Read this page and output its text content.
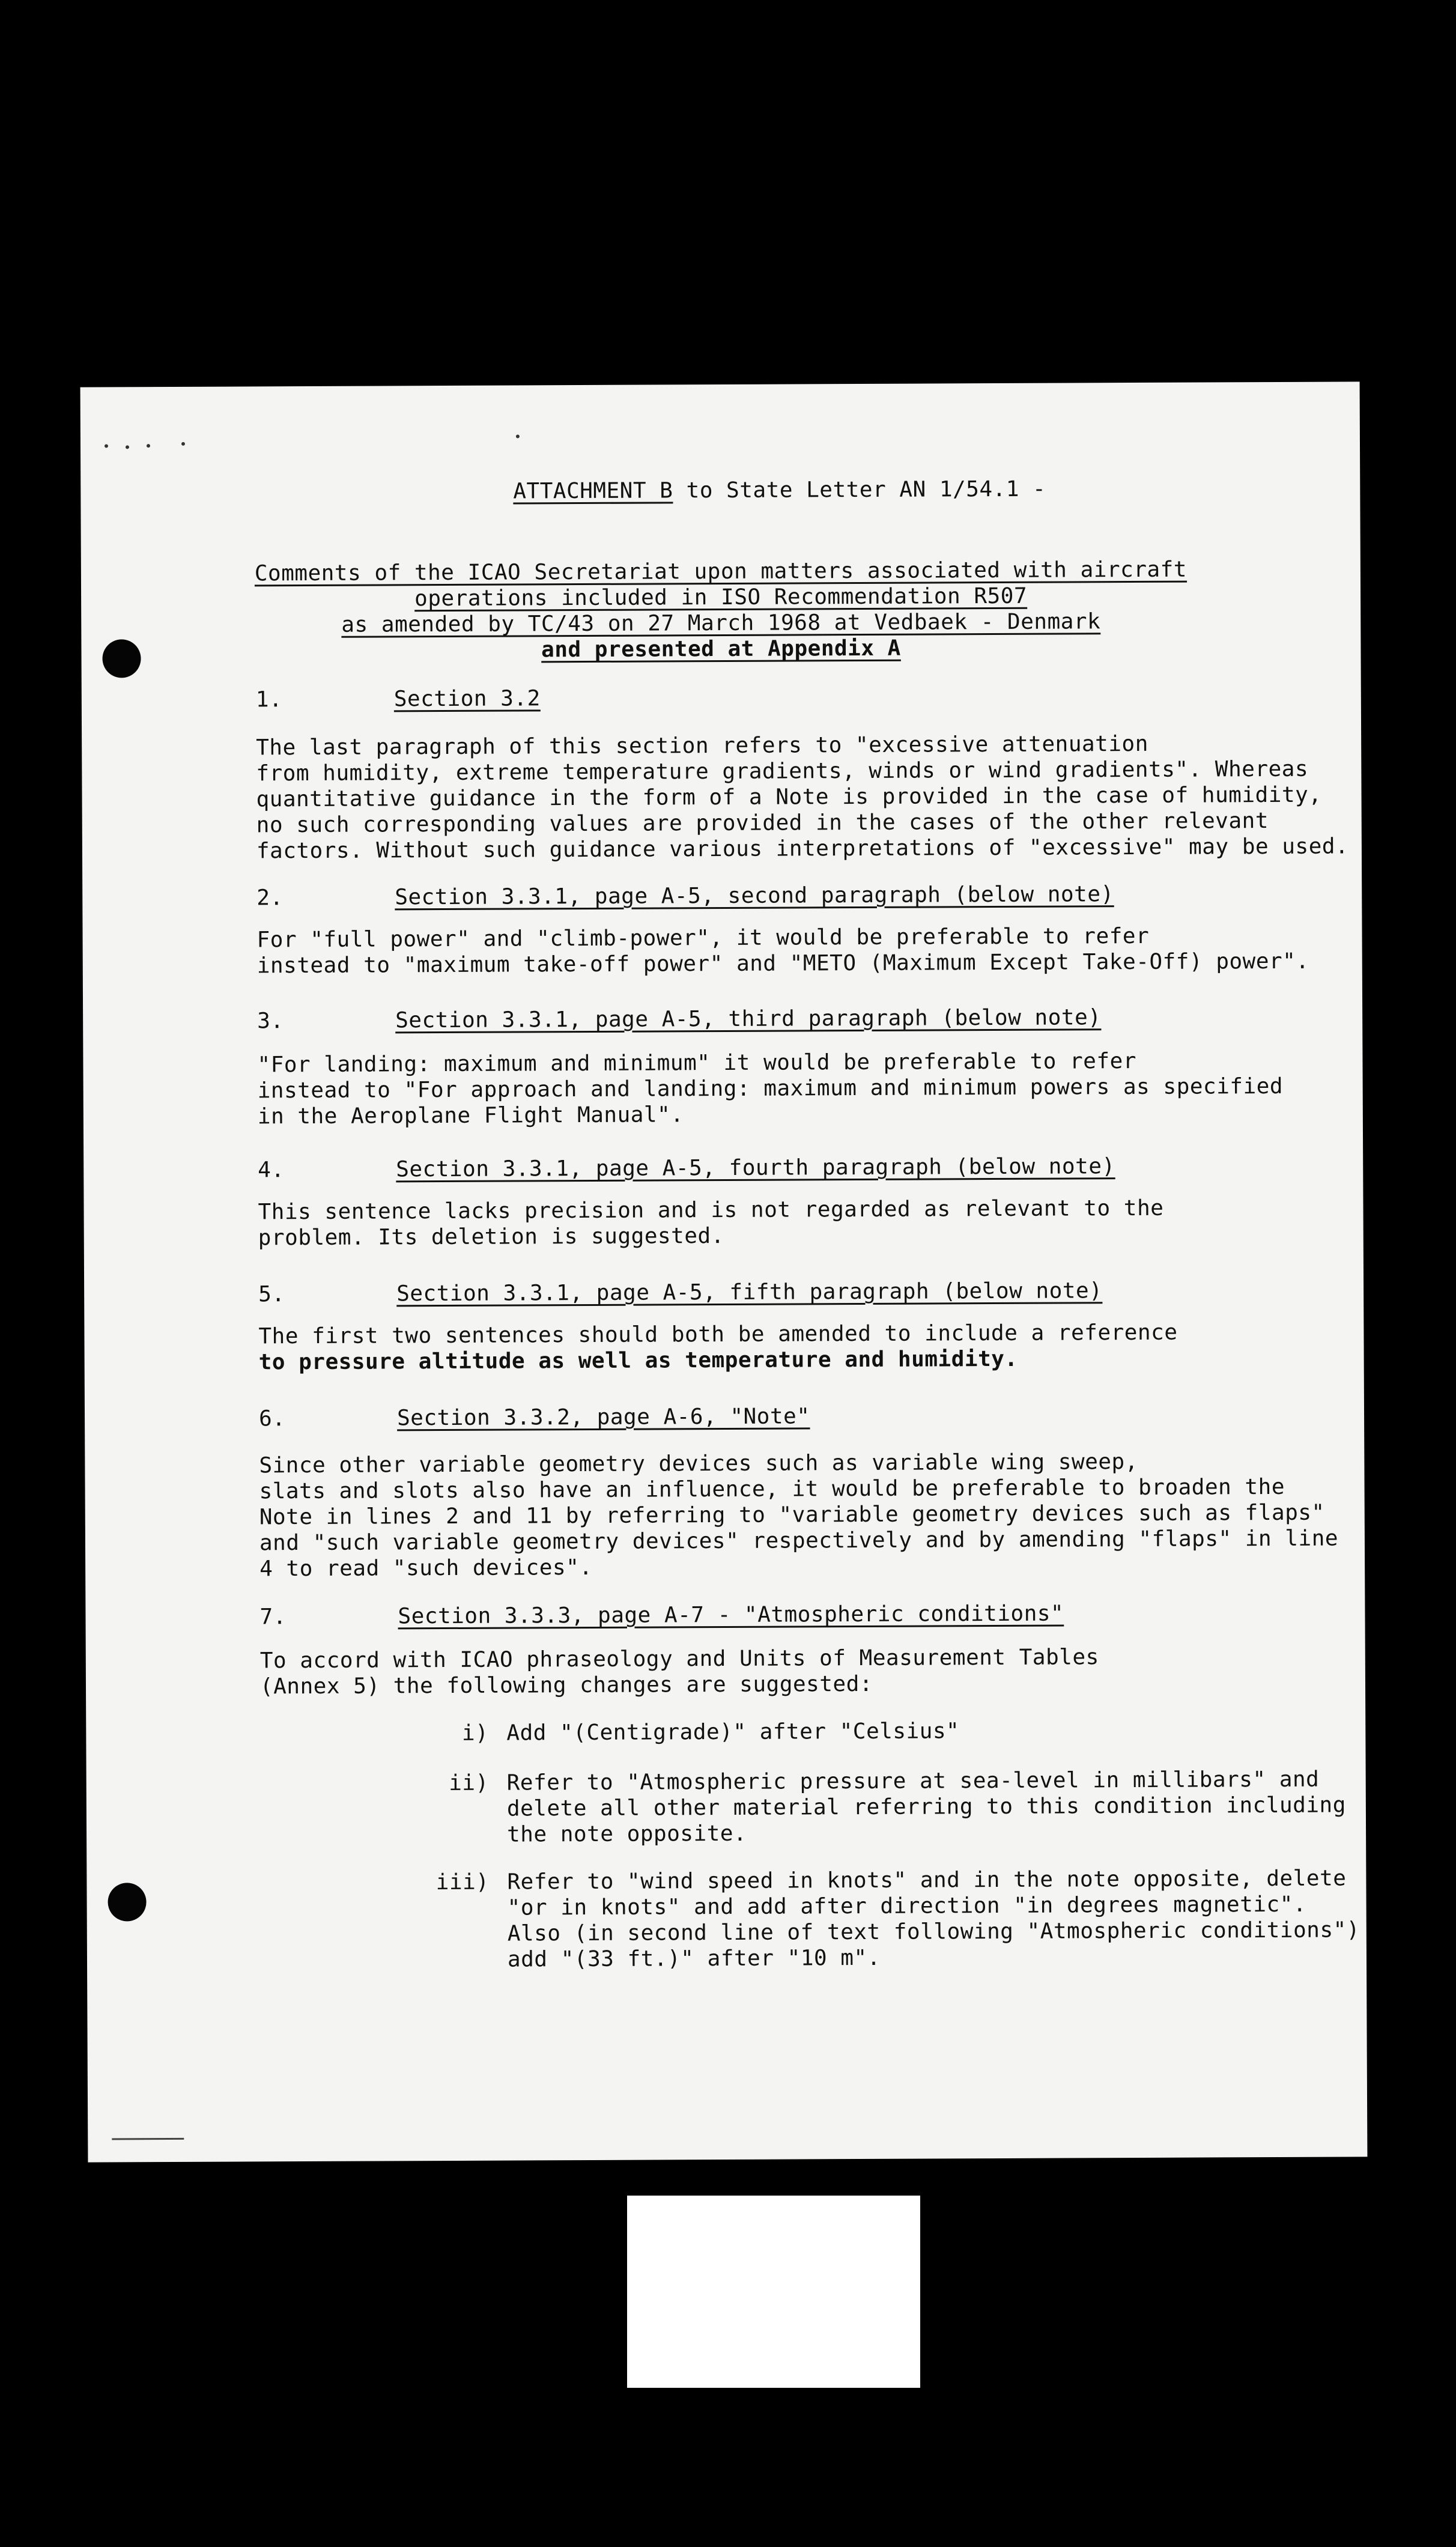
ATTACHMENT B to State Letter AN 1/54.1 -
Comments of the ICAO Secretariat upon matters associated with aircraft
operations included in ISO Recommendation R507
as amended by TC/43 on 27 March 1968 at Vedbaek - Denmark
and presented at Appendix A
1.	Section 3.2
The last paragraph of this section refers to "excessive attenuation
from humidity, extreme temperature gradients, winds or wind gradients". Whereas
quantitative guidance in the form of a Note is provided in the case of humidity,
no such corresponding values are provided in the cases of the other relevant
factors. Without such guidance various interpretations of "excessive" may be used.
2.	Section 3.3.1, page A-5, second paragraph (below note)
For "full power" and "climb-power", it would be preferable to refer
instead to "maximum take-off power" and "METO (Maximum Except Take-Off) power".
3.	Section 3.3.1, page A-5, third paragraph (below note)
"For landing: maximum and minimum" it would be preferable to refer
instead to "For approach and landing: maximum and minimum powers as specified
in the Aeroplane Flight Manual".
4.	Section 3.3.1, page A-5, fourth paragraph (below note)
This sentence lacks precision and is not regarded as relevant to the
problem. Its deletion is suggested.
5.	Section 3.3.1, page A-5, fifth paragraph (below note)
The first two sentences should both be amended to include a reference
to pressure altitude as well as temperature and humidity.
6.	Section 3.3.2, page A-6, "Note"
Since other variable geometry devices such as variable wing sweep,
slats and slots also have an influence, it would be preferable to broaden the
Note in lines 2 and 11 by referring to "variable geometry devices such as flaps"
and "such variable geometry devices" respectively and by amending "flaps" in line
4 to read "such devices".
7.	Section 3.3.3, page A-7 - "Atmospheric conditions"
To accord with ICAO phraseology and Units of Measurement Tables
(Annex 5) the following changes are suggested:
i) Add "(Centigrade)" after "Celsius"
ii) Refer to "Atmospheric pressure at sea-level in millibars" and
delete all other material referring to this condition including
the note opposite.
iii) Refer to "wind speed in knots" and in the note opposite, delete
"or in knots" and add after direction "in degrees magnetic".
Also (in second line of text following "Atmospheric conditions")
add "(33 ft.)" after "10 m".
